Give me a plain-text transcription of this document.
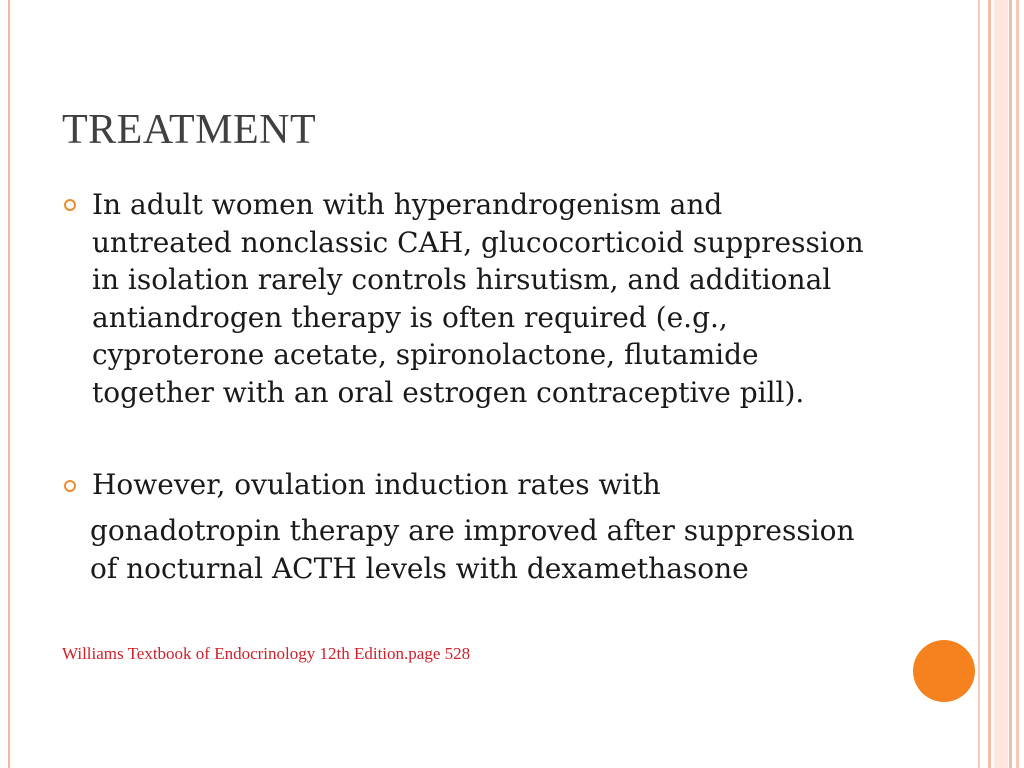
TREATMENT

In adult women with hyperandrogenism and
untreated nonclassic CAH, glucocorticoid suppression
in isolation rarely controls hirsutism, and additional
antiandrogen therapy is often required (e.g.,
cyproterone acetate, spironolactone, flutamide
together with an oral estrogen contraceptive pill).

However, ovulation induction rates with

gonadotropin therapy are improved after suppression
of nocturnal ACTH levels with dexamethasone

Williams Textbook of Endocrinology 12th Edition.page 528
